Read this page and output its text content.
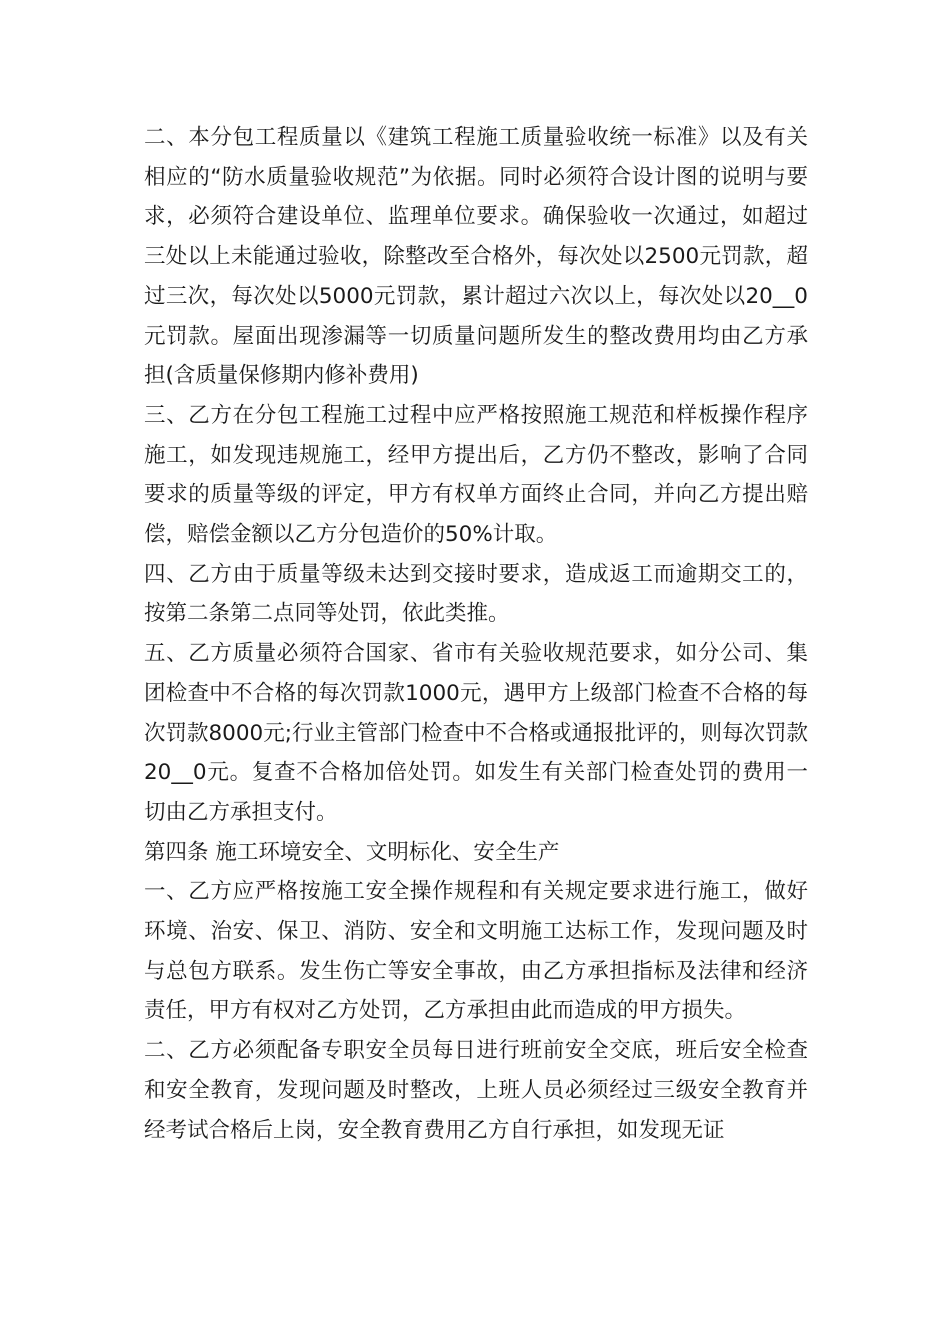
二、本分包工程质量以《建筑工程施工质量验收统一标准》以及有关相应的“防水质量验收规范”为依据。同时必须符合设计图的说明与要求，必须符合建设单位、监理单位要求。确保验收一次通过，如超过三处以上未能通过验收，除整改至合格外，每次处以2500元罚款，超过三次，每次处以5000元罚款，累计超过六次以上，每次处以20__0元罚款。屋面出现渗漏等一切质量问题所发生的整改费用均由乙方承担(含质量保修期内修补费用)

三、乙方在分包工程施工过程中应严格按照施工规范和样板操作程序施工，如发现违规施工，经甲方提出后，乙方仍不整改，影响了合同要求的质量等级的评定，甲方有权单方面终止合同，并向乙方提出赔偿，赔偿金额以乙方分包造价的50%计取。

四、乙方由于质量等级未达到交接时要求，造成返工而逾期交工的，按第二条第二点同等处罚，依此类推。

五、乙方质量必须符合国家、省市有关验收规范要求，如分公司、集团检查中不合格的每次罚款1000元，遇甲方上级部门检查不合格的每次罚款8000元;行业主管部门检查中不合格或通报批评的，则每次罚款20__0元。复查不合格加倍处罚。如发生有关部门检查处罚的费用一切由乙方承担支付。

第四条 施工环境安全、文明标化、安全生产

一、乙方应严格按施工安全操作规程和有关规定要求进行施工，做好环境、治安、保卫、消防、安全和文明施工达标工作，发现问题及时与总包方联系。发生伤亡等安全事故，由乙方承担指标及法律和经济责任，甲方有权对乙方处罚，乙方承担由此而造成的甲方损失。

二、乙方必须配备专职安全员每日进行班前安全交底，班后安全检查和安全教育，发现问题及时整改，上班人员必须经过三级安全教育并经考试合格后上岗，安全教育费用乙方自行承担，如发现无证
